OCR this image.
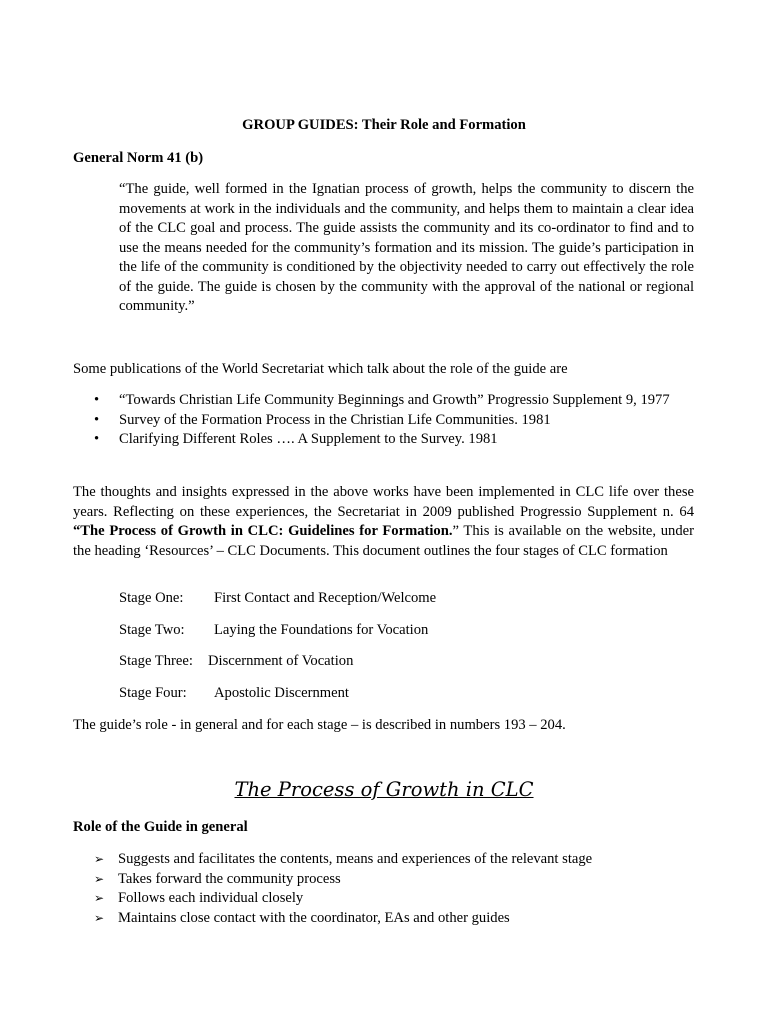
GROUP GUIDES: Their Role and Formation
General Norm 41 (b)
“The guide, well formed in the Ignatian process of growth, helps the community to discern the movements at work in the individuals and the community, and helps them to maintain a clear idea of the CLC goal and process. The guide assists the community and its co-ordinator to find and to use the means needed for the community’s formation and its mission. The guide’s participation in the life of the community is conditioned by the objectivity needed to carry out effectively the role of the guide. The guide is chosen by the community with the approval of the national or regional community.”
Some publications of the World Secretariat which talk about the role of the guide are
• “Towards Christian Life Community Beginnings and Growth” Progressio Supplement 9, 1977
• Survey of the Formation Process in the Christian Life Communities. 1981
• Clarifying Different Roles …. A Supplement to the Survey. 1981
The thoughts and insights expressed in the above works have been implemented in CLC life over these years. Reflecting on these experiences, the Secretariat in 2009 published Progressio Supplement n. 64 “The Process of Growth in CLC: Guidelines for Formation.” This is available on the website, under the heading ‘Resources’ – CLC Documents. This document outlines the four stages of CLC formation
Stage One: First Contact and Reception/Welcome
Stage Two: Laying the Foundations for Vocation
Stage Three: Discernment of Vocation
Stage Four: Apostolic Discernment
The guide’s role - in general and for each stage – is described in numbers 193 – 204.
The Process of Growth in CLC
Role of the Guide in general
➢ Suggests and facilitates the contents, means and experiences of the relevant stage
➢ Takes forward the community process
➢ Follows each individual closely
➢ Maintains close contact with the coordinator, EAs and other guides
